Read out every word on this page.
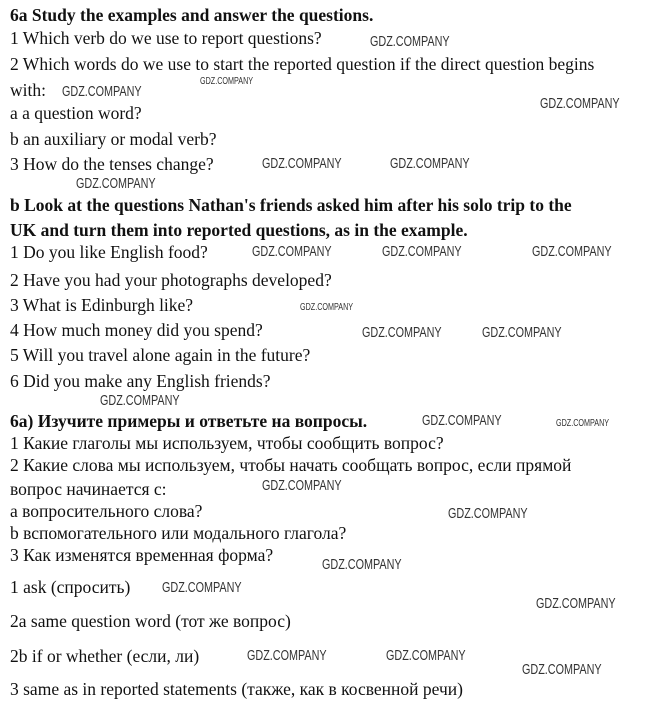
6a Study the examples and answer the questions.
1 Which verb do we use to report questions?
2 Which words do we use to start the reported question if the direct question begins
with:
a a question word?
b an auxiliary or modal verb?
3 How do the tenses change?
b Look at the questions Nathan's friends asked him after his solo trip to the
UK and turn them into reported questions, as in the example.
1 Do you like English food?
2 Have you had your photographs developed?
3 What is Edinburgh like?
4 How much money did you spend?
5 Will you travel alone again in the future?
6 Did you make any English friends?
6а) Изучите примеры и ответьте на вопросы.
1 Какие глаголы мы используем, чтобы сообщить вопрос?
2 Какие слова мы используем, чтобы начать сообщать вопрос, если прямой
вопрос начинается с:
а вопросительного слова?
b вспомогательного или модального глагола?
3 Как изменятся временная форма?
1 ask (спросить)
2a same question word (тот же вопрос)
2b if or whether (если, ли)
3 same as in reported statements (также, как в косвенной речи)
GDZ.COMPANY
GDZ.COMPANY
GDZ.COMPANY
GDZ.COMPANY
GDZ.COMPANY	GDZ.COMPANY
GDZ.COMPANY
GDZ.COMPANY	GDZ.COMPANY	GDZ.COMPANY
GDZ.COMPANY
GDZ.COMPANY	GDZ.COMPANY
GDZ.COMPANY
GDZ.COMPANY	GDZ.COMPANY
GDZ.COMPANY
GDZ.COMPANY
GDZ.COMPANY
GDZ.COMPANY
GDZ.COMPANY
GDZ.COMPANY	GDZ.COMPANY
GDZ.COMPANY
